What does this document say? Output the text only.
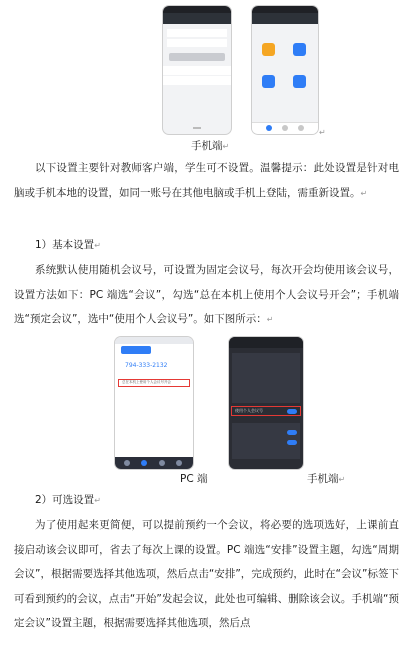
↵
手机端↵
以下设置主要针对教师客户端，学生可不设置。温馨提示：此处设置是针对电脑或手机本地的设置，如同一账号在其他电脑或手机上登陆，需重新设置。↵
1）基本设置↵
系统默认使用随机会议号，可设置为固定会议号，每次开会均使用该会议号，设置方法如下：PC 端选“会议”，勾选“总在本机上使用个人会议号开会”；手机端选“预定会议”，选中“使用个人会议号”。如下图所示：↵
794-333-2132
总在本机上使用个人会议号开会
使用个人会议号
PC 端	手机端↵
2）可选设置↵
为了使用起来更简便，可以提前预约一个会议，将必要的选项选好，上课前直接启动该会议即可，省去了每次上课的设置。PC 端选“安排”设置主题，勾选“周期会议”，根据需要选择其他选项，然后点击“安排”，完成预约，此时在“会议”标签下可看到预约的会议，点击“开始”发起会议，此处也可编辑、删除该会议。手机端“预定会议”设置主题，根据需要选择其他选项，然后点
